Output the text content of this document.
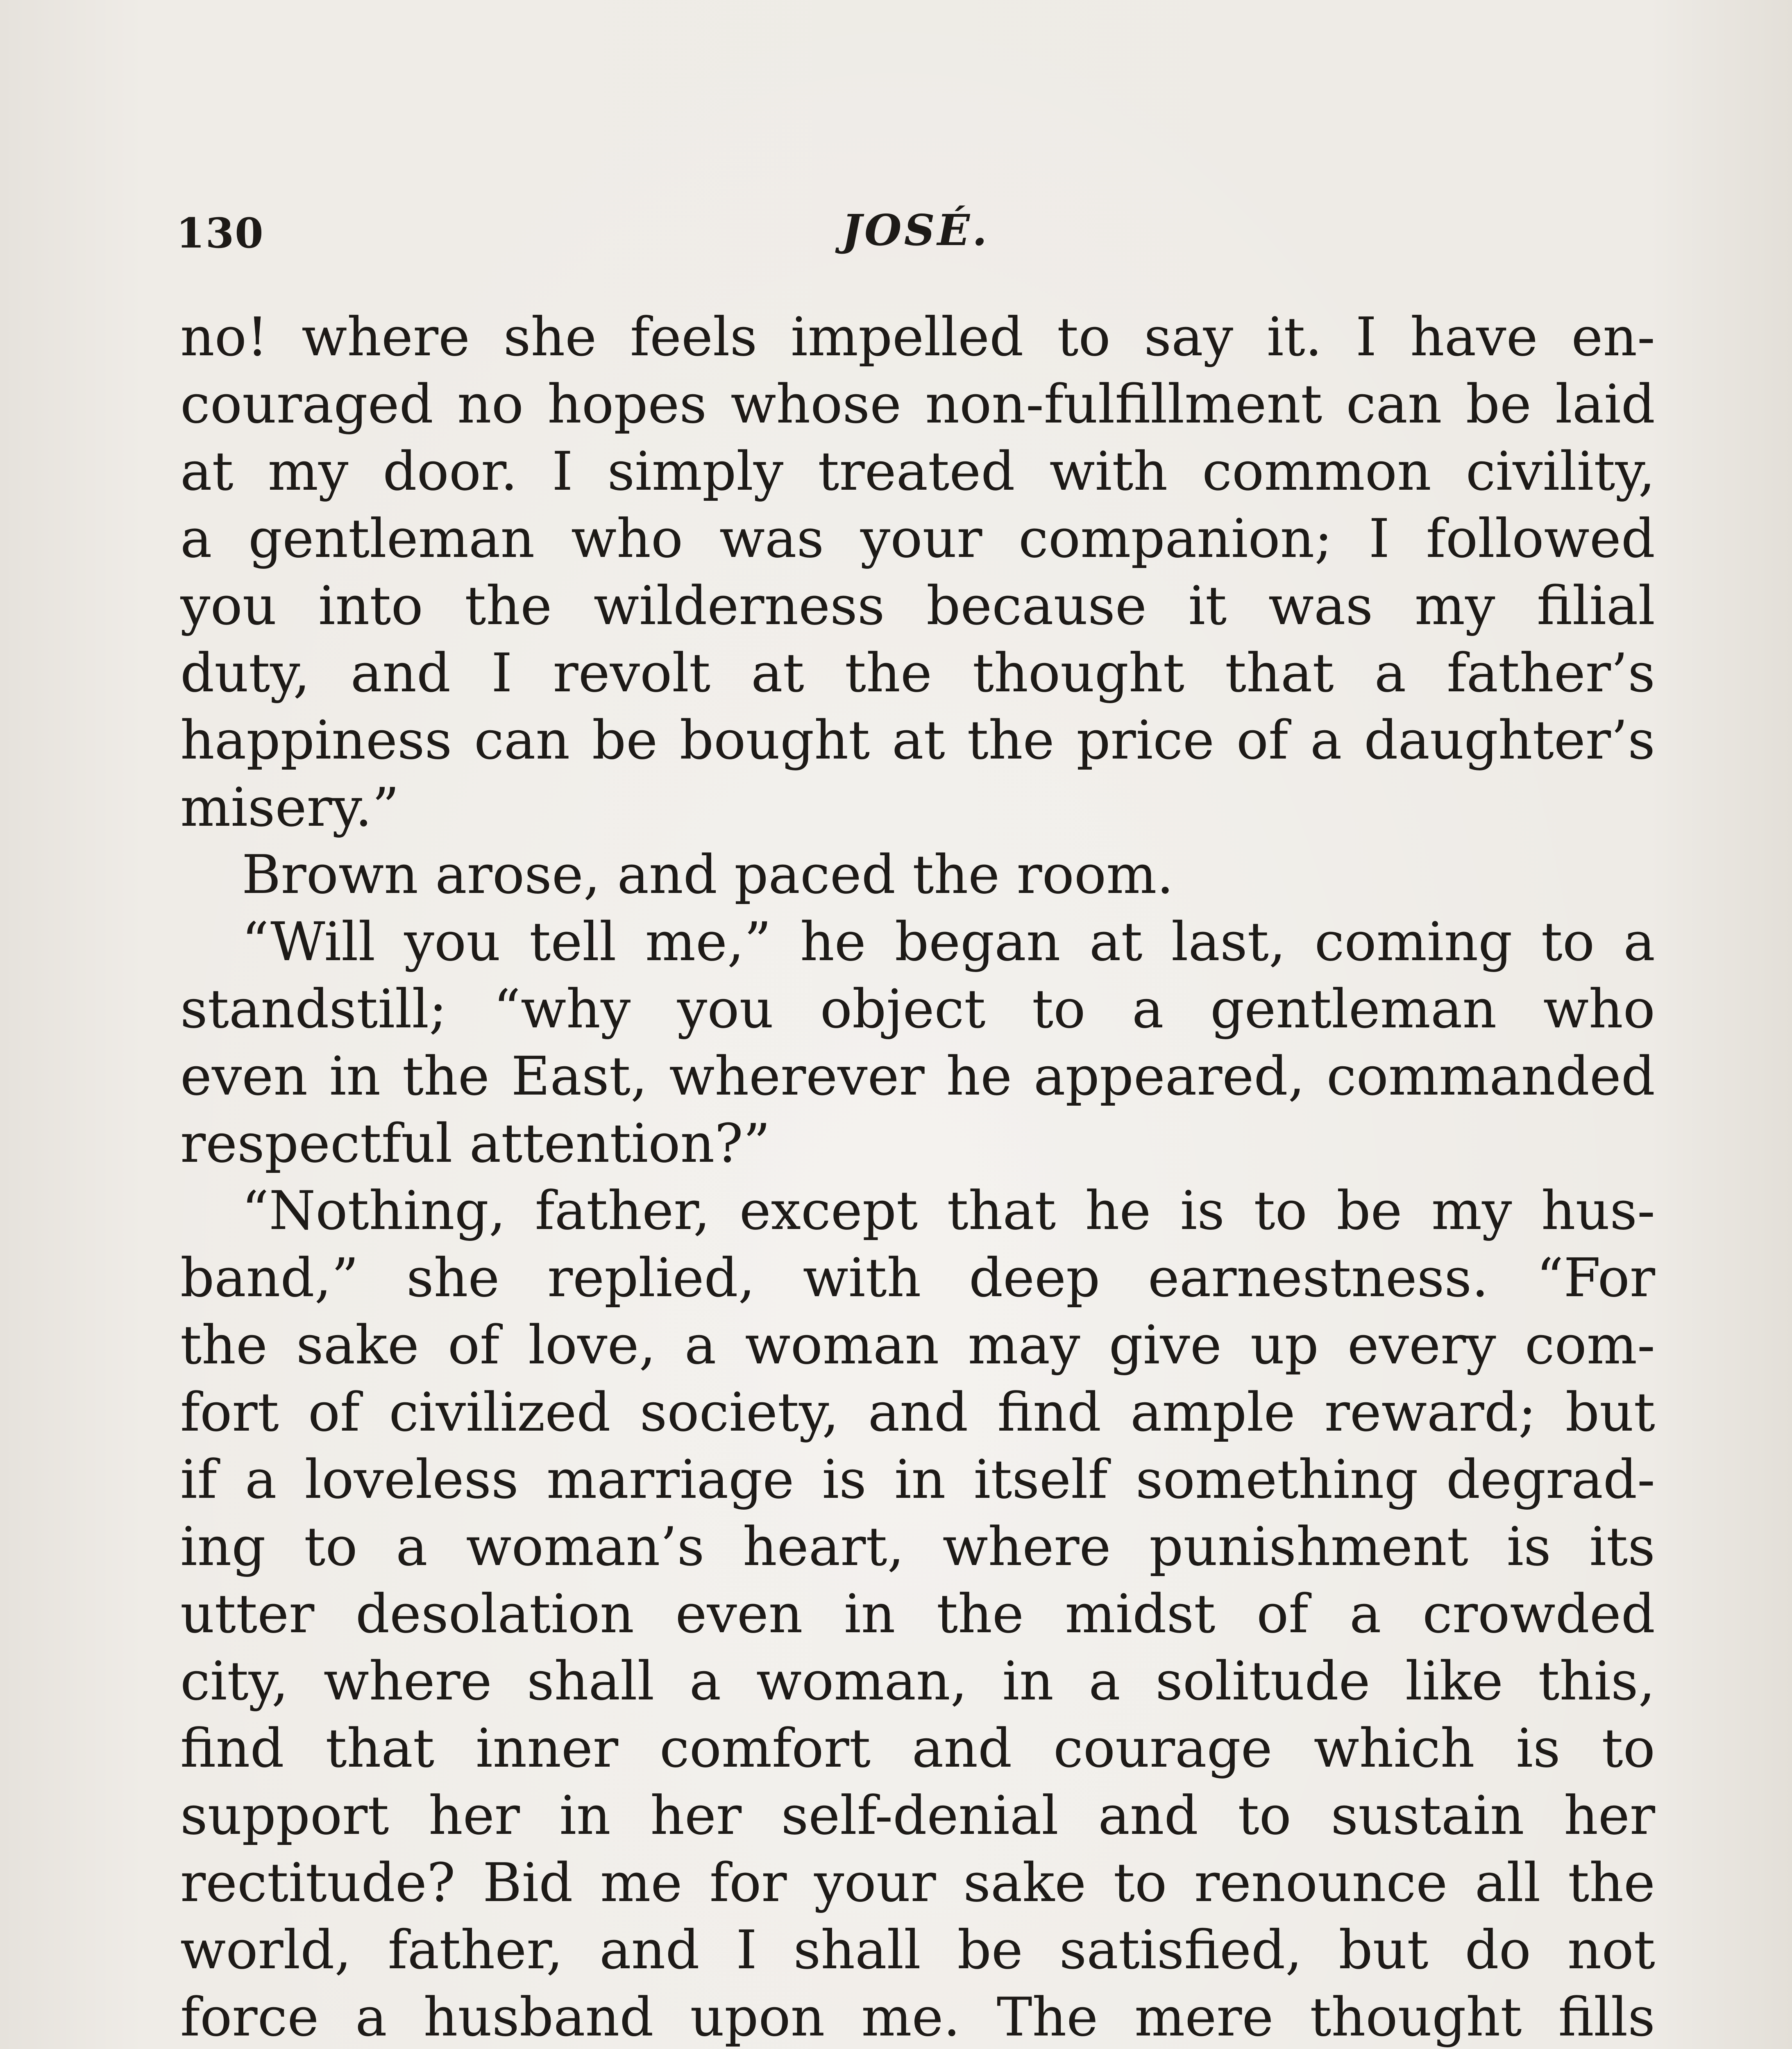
130	JOSÉ.
no! where she feels impelled to say it. I have en-
couraged no hopes whose non-fulfillment can be laid
at my door. I simply treated with common civility,
a gentleman who was your companion; I followed
you into the wilderness because it was my filial
duty, and I revolt at the thought that a father’s
happiness can be bought at the price of a daughter’s
misery.”
Brown arose, and paced the room.
“Will you tell me,” he began at last, coming to a
standstill; “why you object to a gentleman who
even in the East, wherever he appeared, commanded
respectful attention?”
“Nothing, father, except that he is to be my hus-
band,” she replied, with deep earnestness. “For
the sake of love, a woman may give up every com-
fort of civilized society, and find ample reward; but
if a loveless marriage is in itself something degrad-
ing to a woman’s heart, where punishment is its
utter desolation even in the midst of a crowded
city, where shall a woman, in a solitude like this,
find that inner comfort and courage which is to
support her in her self-denial and to sustain her
rectitude? Bid me for your sake to renounce all the
world, father, and I shall be satisfied, but do not
force a husband upon me. The mere thought fills
